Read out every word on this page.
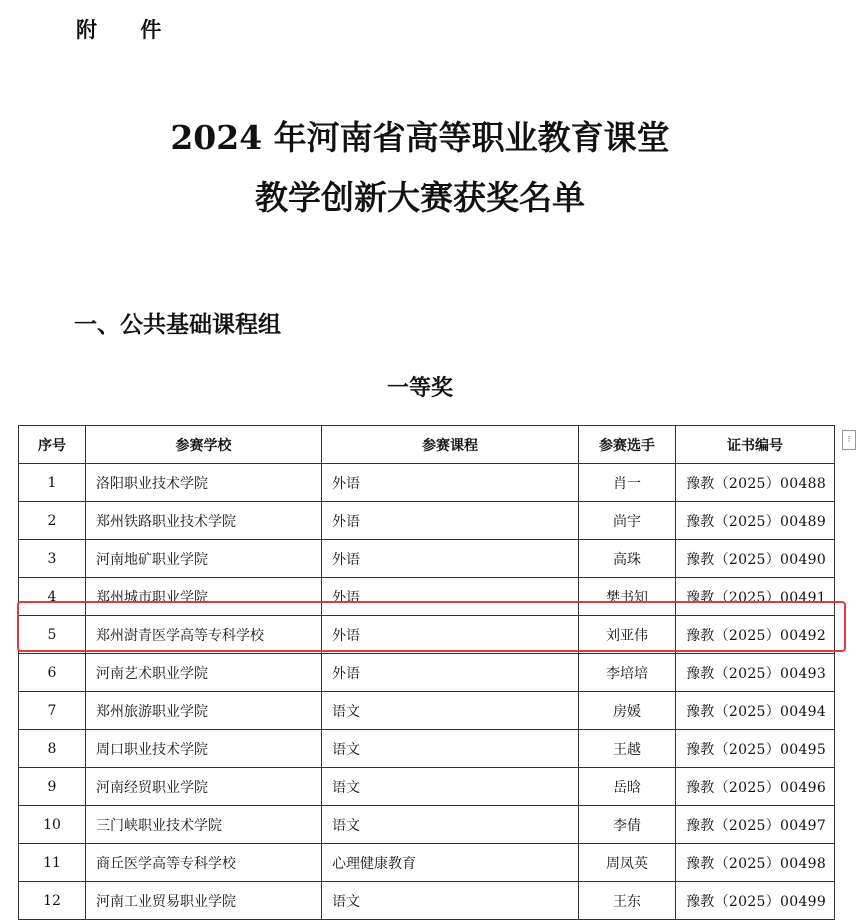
附 件
2024 年河南省高等职业教育课堂
教学创新大赛获奖名单
一、公共基础课程组
一等奖
序号	参赛学校	参赛课程	参赛选手	证书编号
1	洛阳职业技术学院	外语	肖一	豫教（2025）00488
2	郑州铁路职业技术学院	外语	尚宇	豫教（2025）00489
3	河南地矿职业学院	外语	高珠	豫教（2025）00490
4	郑州城市职业学院	外语	樊书知	豫教（2025）00491
5	郑州澍青医学高等专科学校	外语	刘亚伟	豫教（2025）00492
6	河南艺术职业学院	外语	李培培	豫教（2025）00493
7	郑州旅游职业学院	语文	房媛	豫教（2025）00494
8	周口职业技术学院	语文	王越	豫教（2025）00495
9	河南经贸职业学院	语文	岳晗	豫教（2025）00496
10	三门峡职业技术学院	语文	李倩	豫教（2025）00497
11	商丘医学高等专科学校	心理健康教育	周凤英	豫教（2025）00498
12	河南工业贸易职业学院	语文	王东	豫教（2025）00499
⁝
